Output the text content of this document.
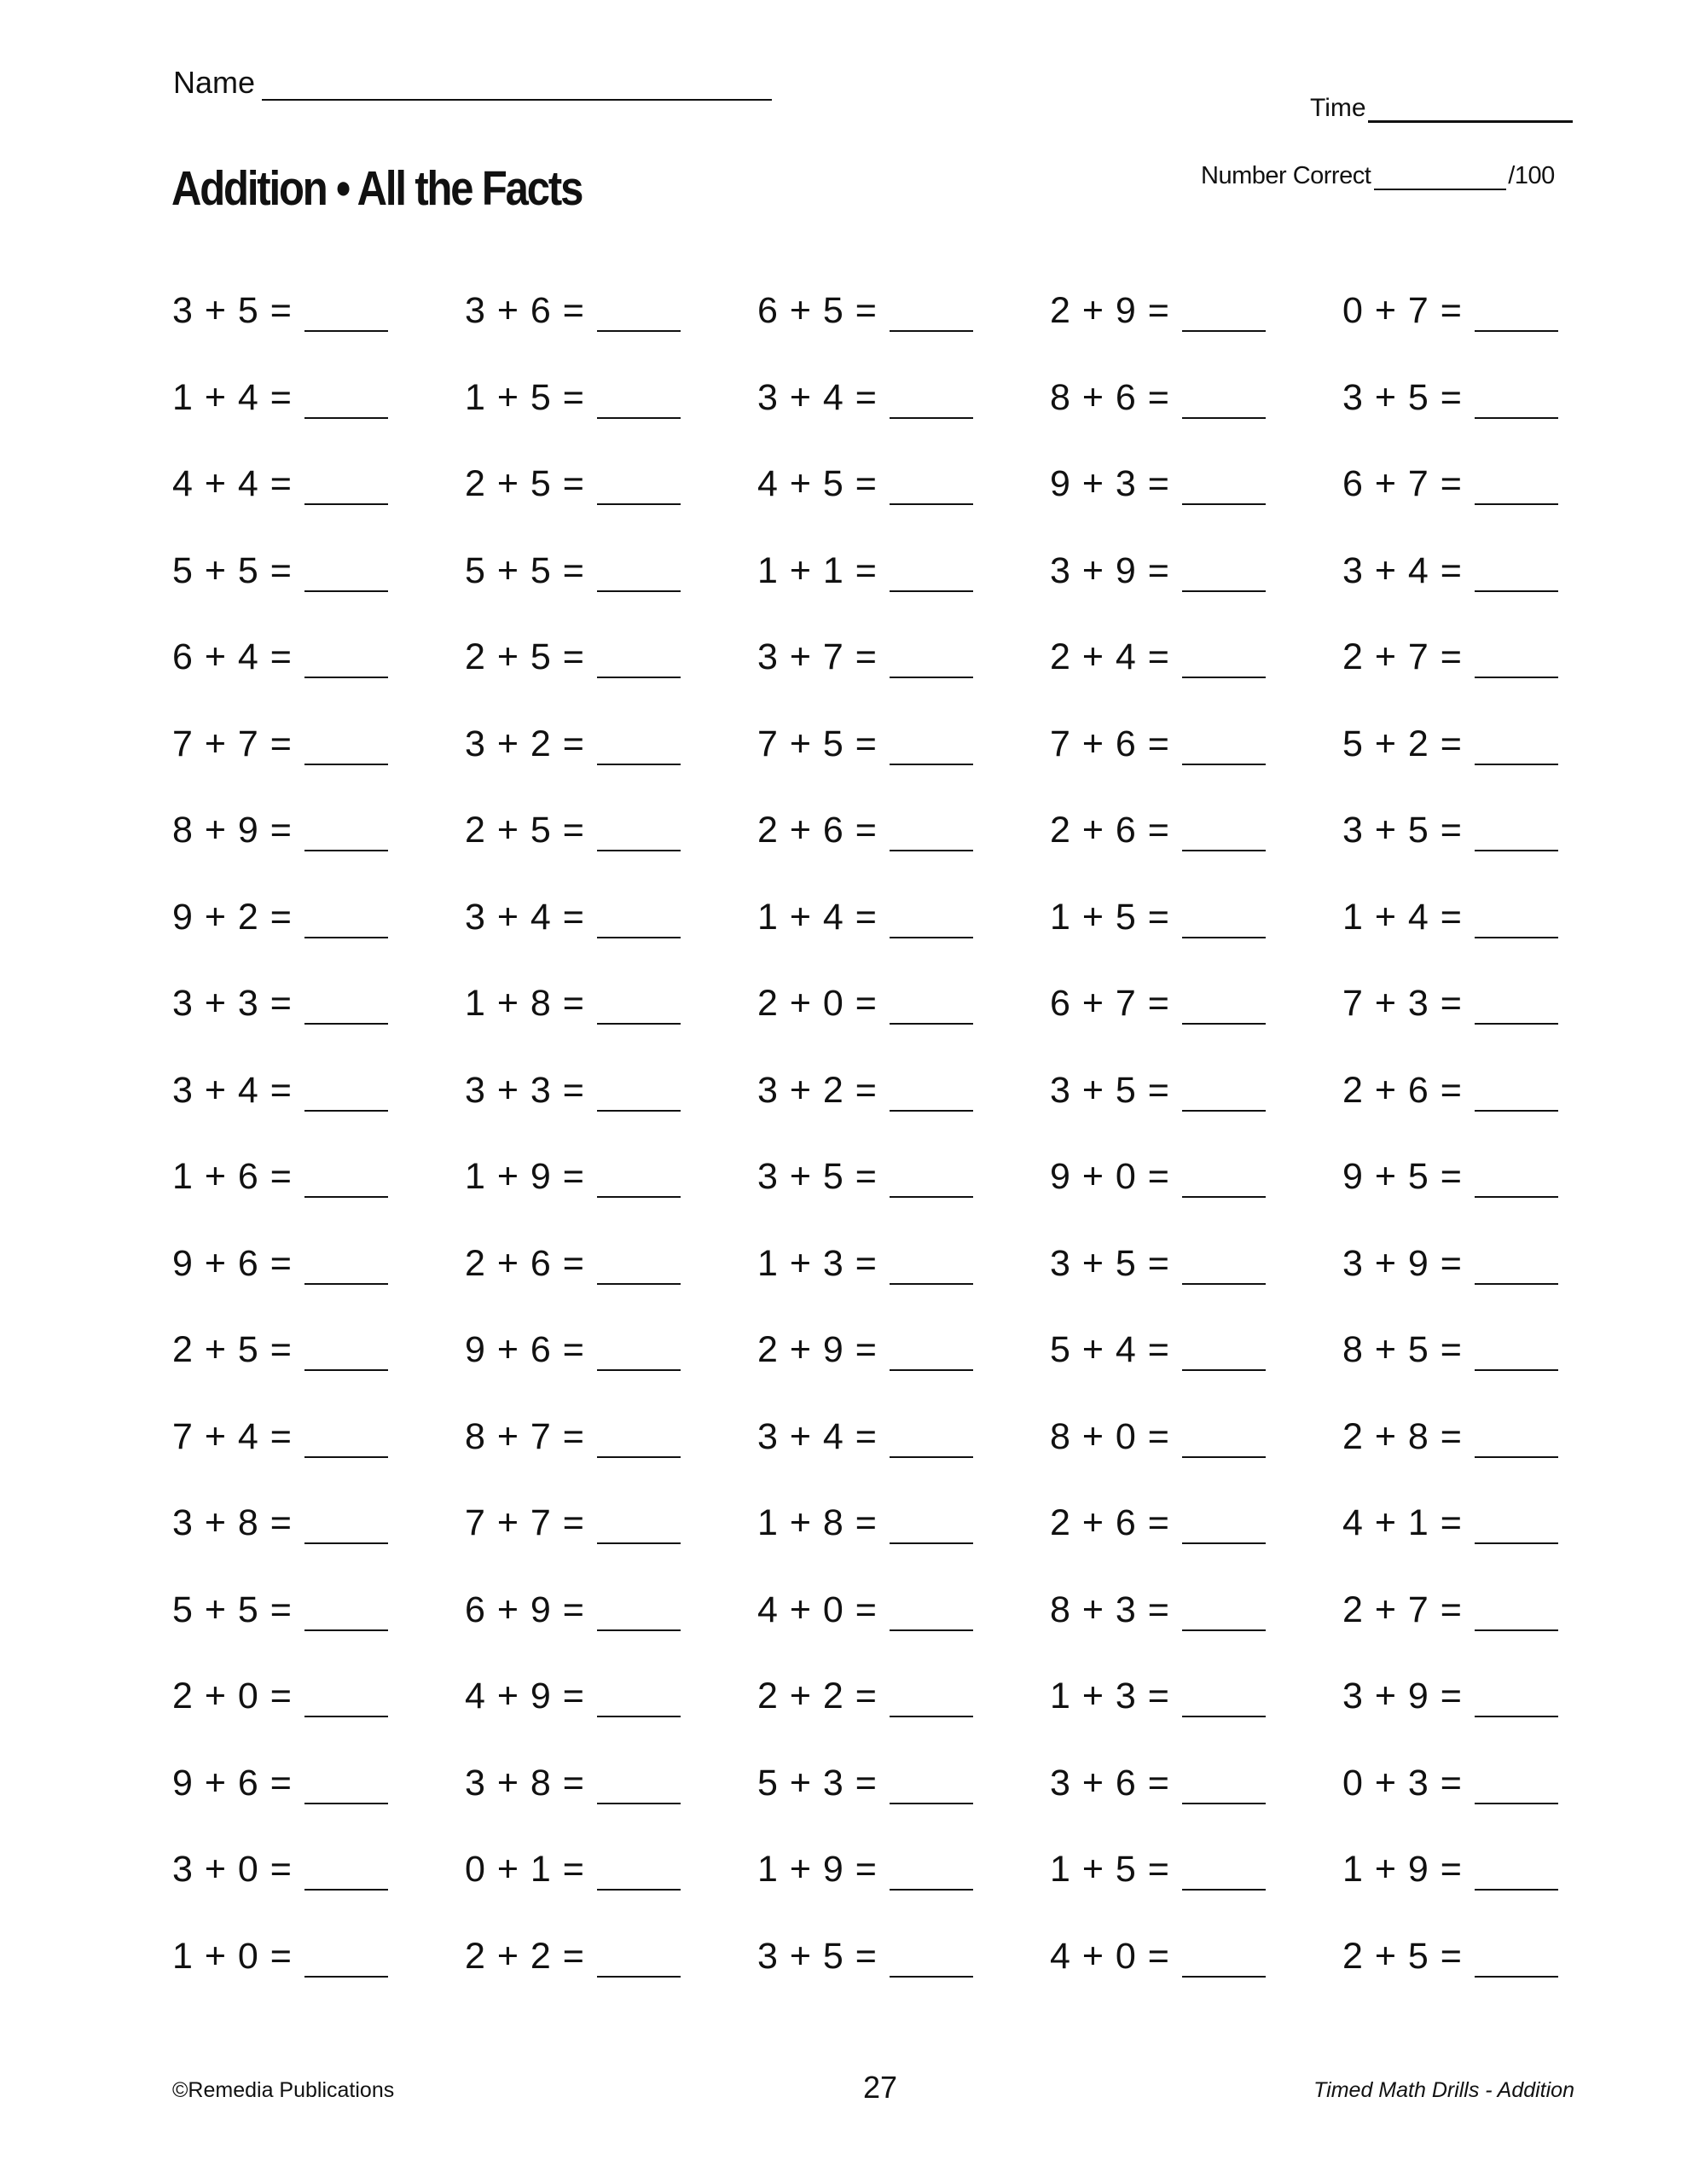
Name
Time
Addition • All the Facts	Number Correct	/100
3 + 5 =	3 + 6 =	6 + 5 =	2 + 9 =	0 + 7 =
1 + 4 =	1 + 5 =	3 + 4 =	8 + 6 =	3 + 5 =
4 + 4 =	2 + 5 =	4 + 5 =	9 + 3 =	6 + 7 =
5 + 5 =	5 + 5 =	1 + 1 =	3 + 9 =	3 + 4 =
6 + 4 =	2 + 5 =	3 + 7 =	2 + 4 =	2 + 7 =
7 + 7 =	3 + 2 =	7 + 5 =	7 + 6 =	5 + 2 =
8 + 9 =	2 + 5 =	2 + 6 =	2 + 6 =	3 + 5 =
9 + 2 =	3 + 4 =	1 + 4 =	1 + 5 =	1 + 4 =
3 + 3 =	1 + 8 =	2 + 0 =	6 + 7 =	7 + 3 =
3 + 4 =	3 + 3 =	3 + 2 =	3 + 5 =	2 + 6 =
1 + 6 =	1 + 9 =	3 + 5 =	9 + 0 =	9 + 5 =
9 + 6 =	2 + 6 =	1 + 3 =	3 + 5 =	3 + 9 =
2 + 5 =	9 + 6 =	2 + 9 =	5 + 4 =	8 + 5 =
7 + 4 =	8 + 7 =	3 + 4 =	8 + 0 =	2 + 8 =
3 + 8 =	7 + 7 =	1 + 8 =	2 + 6 =	4 + 1 =
5 + 5 =	6 + 9 =	4 + 0 =	8 + 3 =	2 + 7 =
2 + 0 =	4 + 9 =	2 + 2 =	1 + 3 =	3 + 9 =
9 + 6 =	3 + 8 =	5 + 3 =	3 + 6 =	0 + 3 =
3 + 0 =	0 + 1 =	1 + 9 =	1 + 5 =	1 + 9 =
1 + 0 =	2 + 2 =	3 + 5 =	4 + 0 =	2 + 5 =
©Remedia Publications	27	Timed Math Drills - Addition
